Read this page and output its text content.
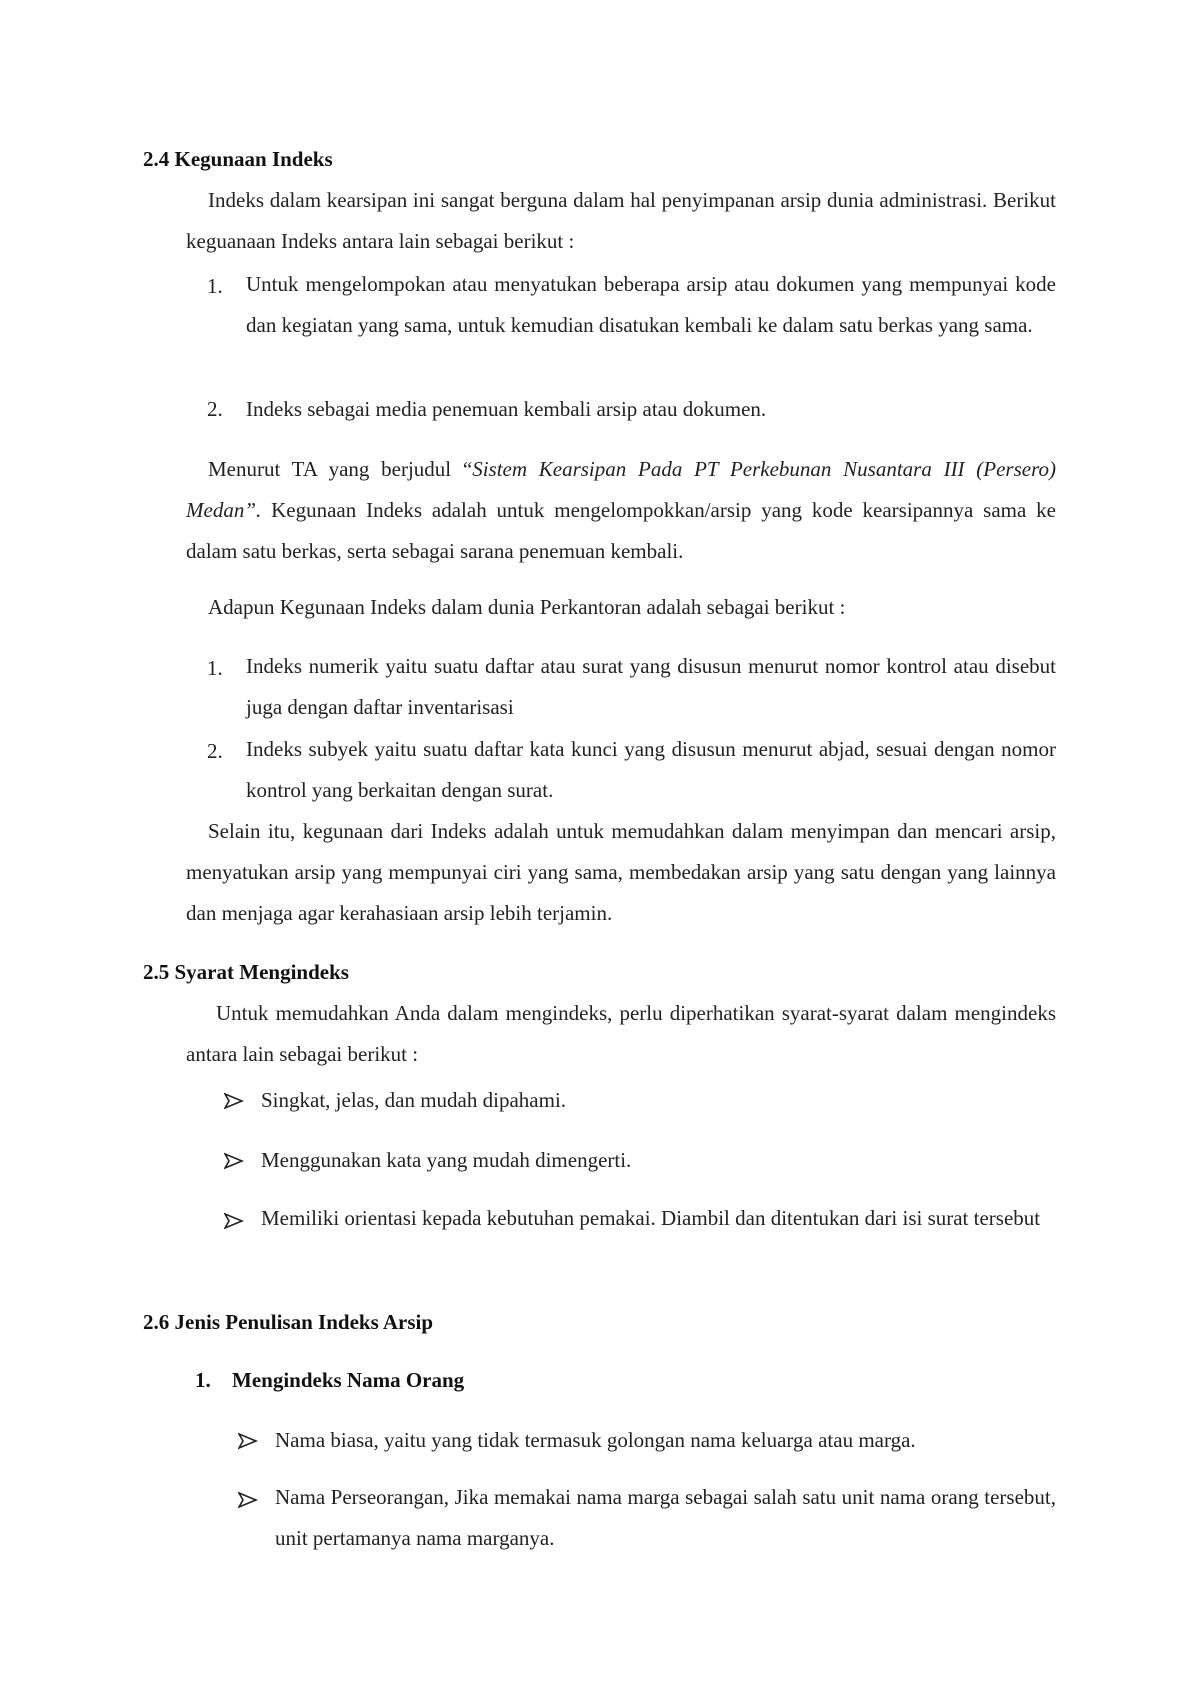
2.4 Kegunaan Indeks
Indeks dalam kearsipan ini sangat berguna dalam hal penyimpanan arsip dunia administrasi. Berikut keguanaan Indeks antara lain sebagai berikut :
1. Untuk mengelompokan atau menyatukan beberapa arsip atau dokumen yang mempunyai kode dan kegiatan yang sama, untuk kemudian disatukan kembali ke dalam satu berkas yang sama.
2. Indeks sebagai media penemuan kembali arsip atau dokumen.
Menurut TA yang berjudul “Sistem Kearsipan Pada PT Perkebunan Nusantara III (Persero) Medan”. Kegunaan Indeks adalah untuk mengelompokkan/arsip yang kode kearsipannya sama ke dalam satu berkas, serta sebagai sarana penemuan kembali.
Adapun Kegunaan Indeks dalam dunia Perkantoran adalah sebagai berikut :
1. Indeks numerik yaitu suatu daftar atau surat yang disusun menurut nomor kontrol atau disebut juga dengan daftar inventarisasi
2. Indeks subyek yaitu suatu daftar kata kunci yang disusun menurut abjad, sesuai dengan nomor kontrol yang berkaitan dengan surat.
Selain itu, kegunaan dari Indeks adalah untuk memudahkan dalam menyimpan dan mencari arsip, menyatukan arsip yang mempunyai ciri yang sama, membedakan arsip yang satu dengan yang lainnya dan menjaga agar kerahasiaan arsip lebih terjamin.
2.5 Syarat Mengindeks
Untuk memudahkan Anda dalam mengindeks, perlu diperhatikan syarat-syarat dalam mengindeks antara lain sebagai berikut :
Singkat, jelas, dan mudah dipahami.
Menggunakan kata yang mudah dimengerti.
Memiliki orientasi kepada kebutuhan pemakai. Diambil dan ditentukan dari isi surat tersebut
2.6 Jenis Penulisan Indeks Arsip
1. Mengindeks Nama Orang
Nama biasa, yaitu yang tidak termasuk golongan nama keluarga atau marga.
Nama Perseorangan, Jika memakai nama marga sebagai salah satu unit nama orang tersebut, unit pertamanya nama marganya.
